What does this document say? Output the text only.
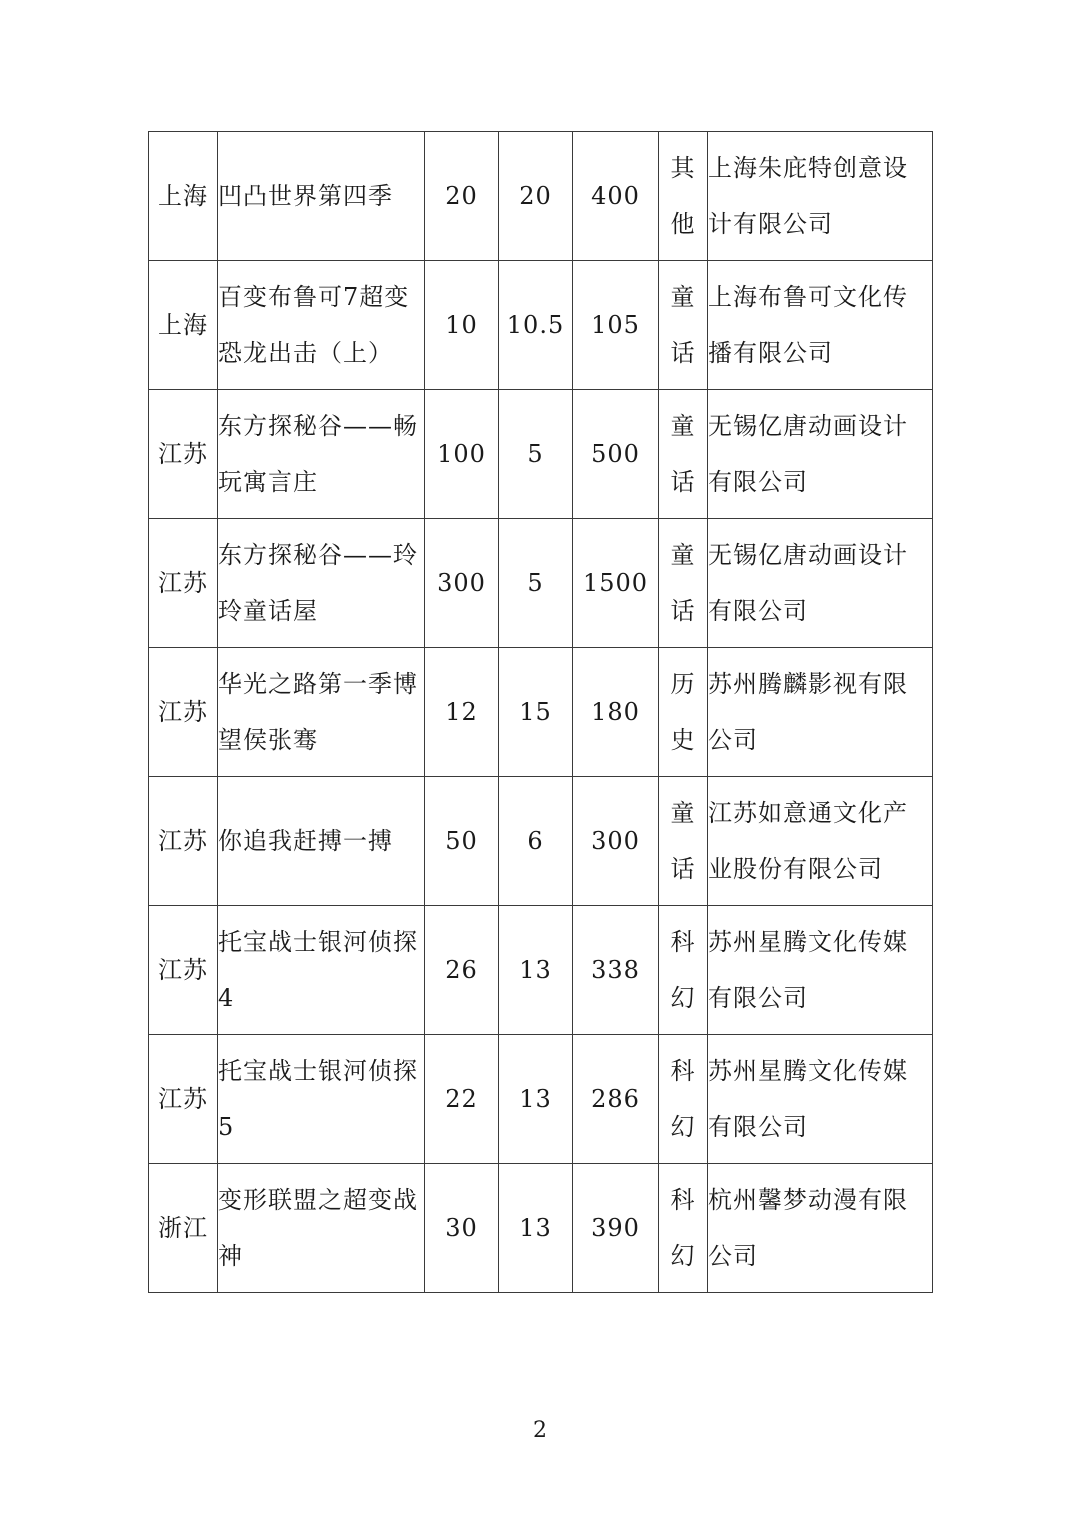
上海	凹凸世界第四季	20	20	400	其他	上海朱庇特创意设计有限公司
上海	百变布鲁可7超变恐龙出击（上）	10	10.5	105	童话	上海布鲁可文化传播有限公司
江苏	东方探秘谷——畅玩寓言庄	100	5	500	童话	无锡亿唐动画设计有限公司
江苏	东方探秘谷——玲玲童话屋	300	5	1500	童话	无锡亿唐动画设计有限公司
江苏	华光之路第一季博望侯张骞	12	15	180	历史	苏州腾麟影视有限公司
江苏	你追我赶搏一搏	50	6	300	童话	江苏如意通文化产业股份有限公司
江苏	托宝战士银河侦探4	26	13	338	科幻	苏州星腾文化传媒有限公司
江苏	托宝战士银河侦探5	22	13	286	科幻	苏州星腾文化传媒有限公司
浙江	变形联盟之超变战神	30	13	390	科幻	杭州馨梦动漫有限公司
2
